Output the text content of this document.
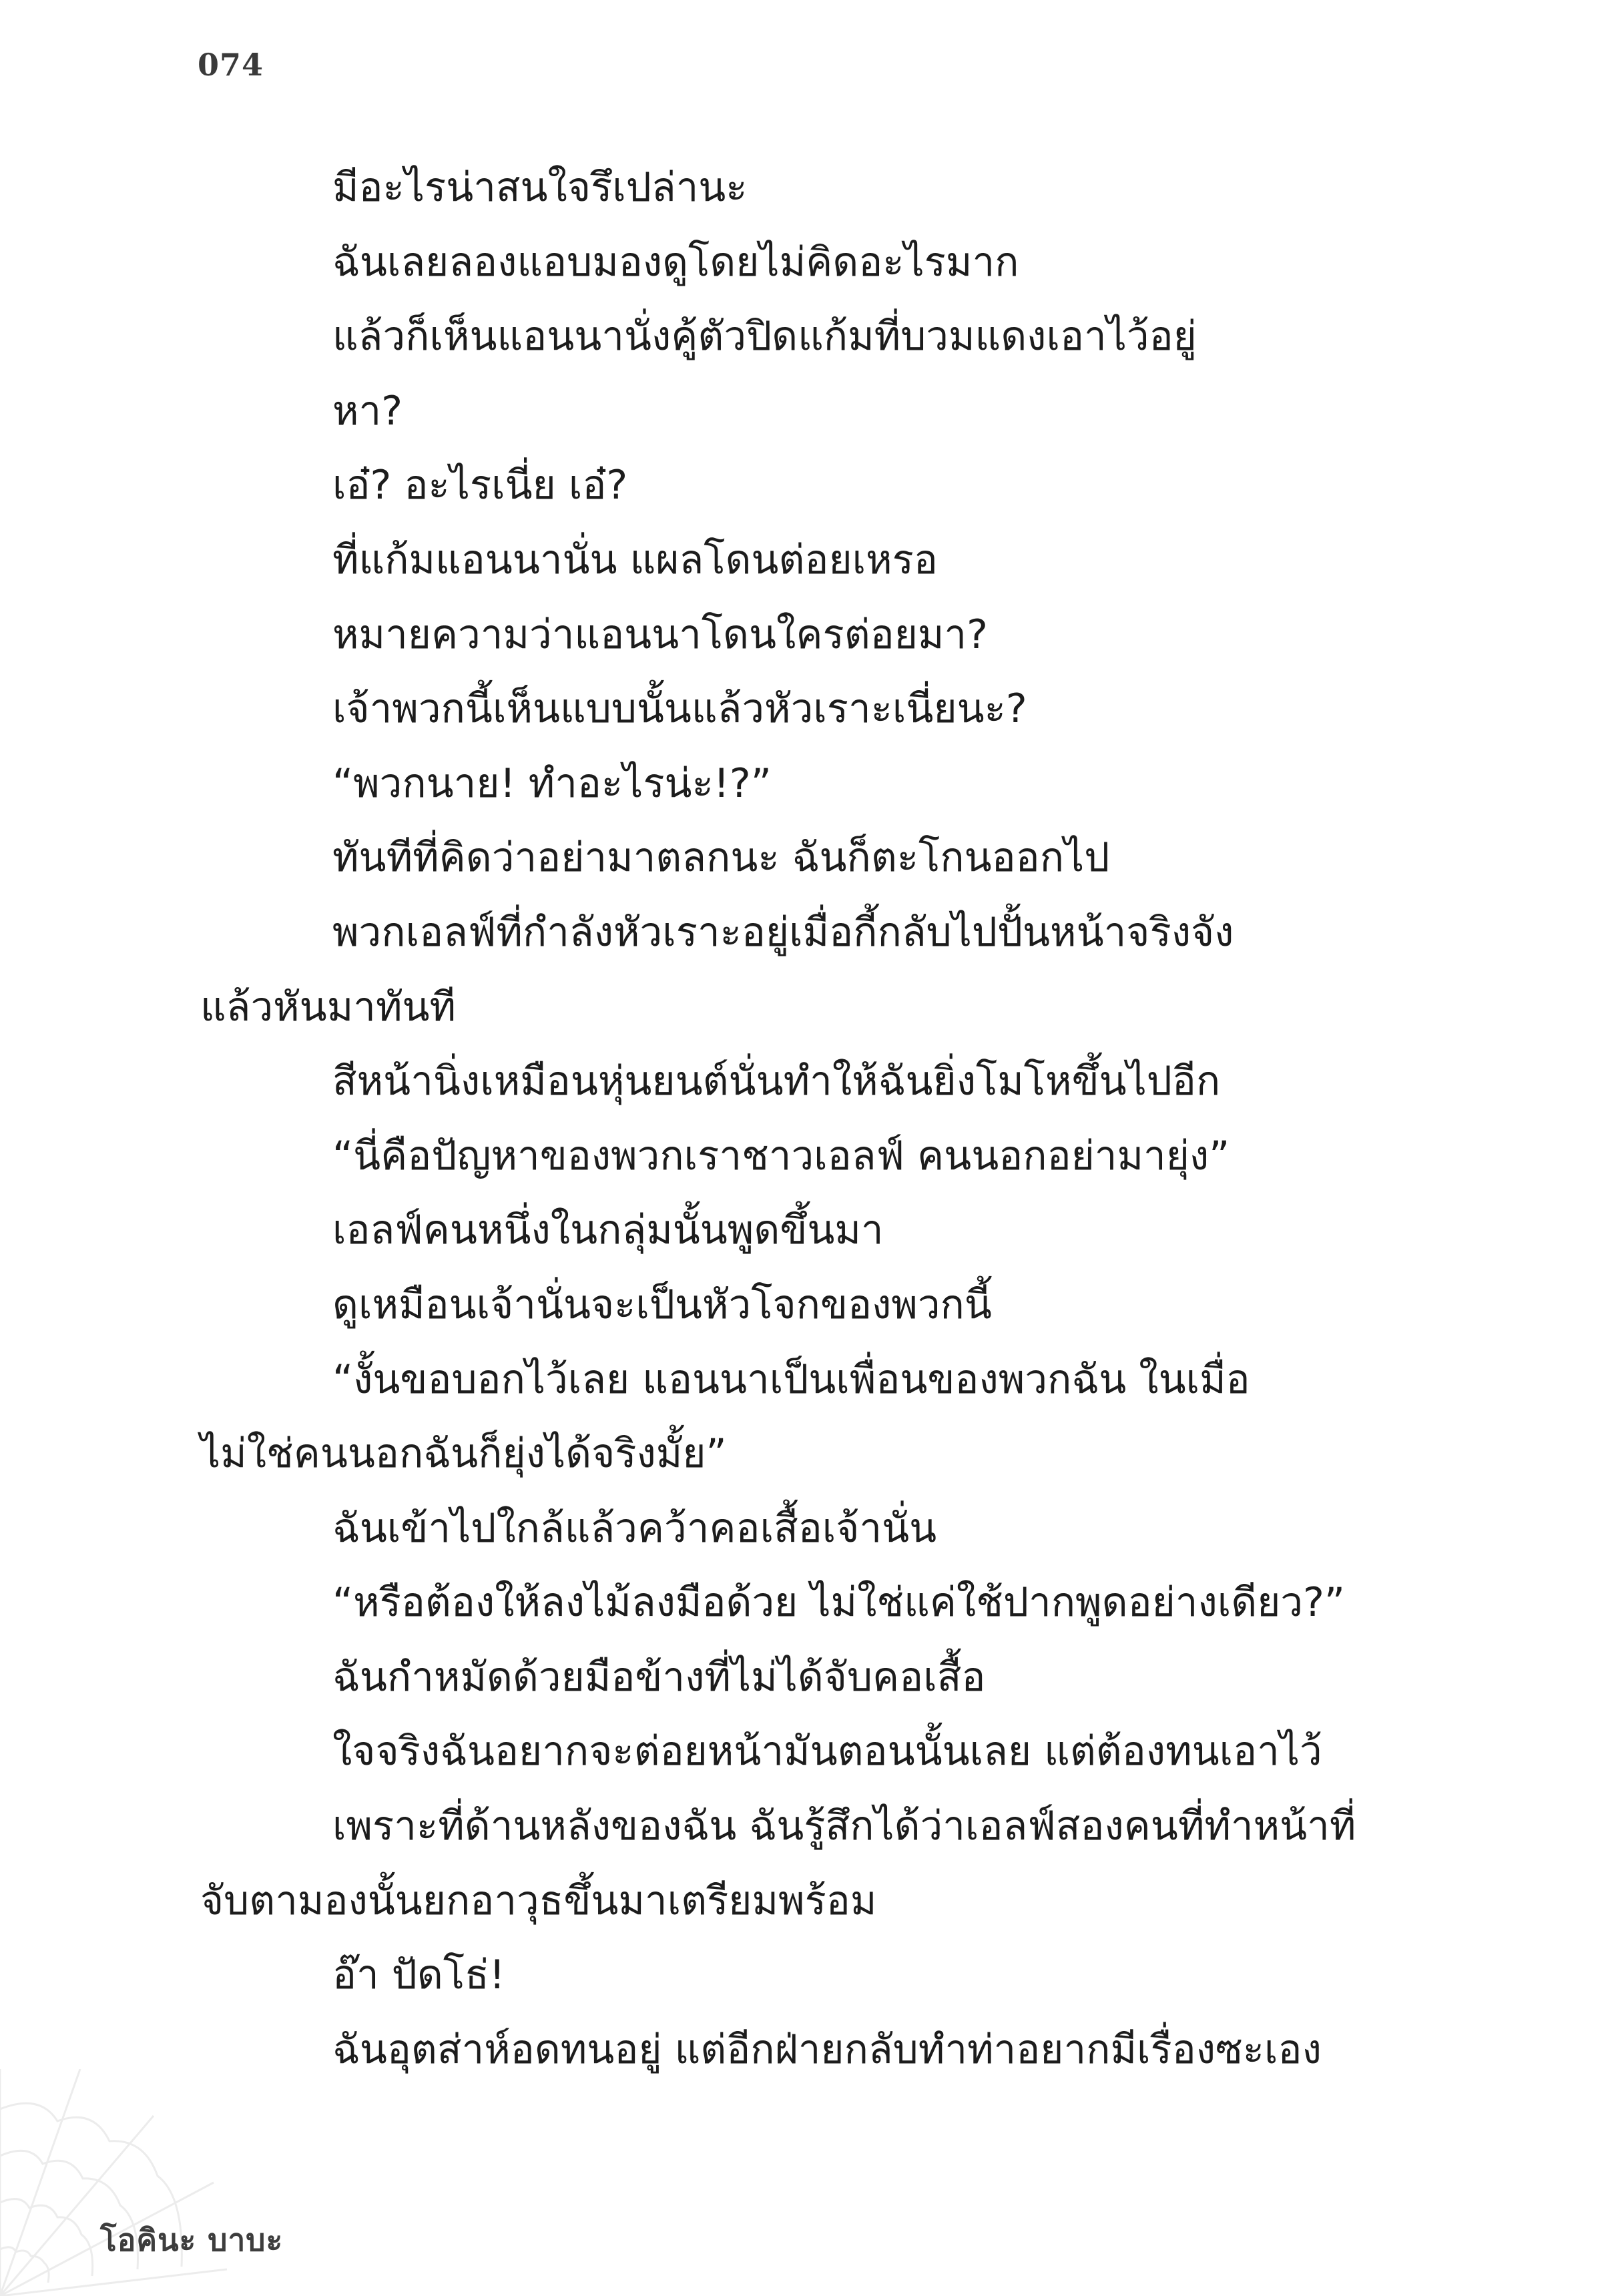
074

มีอะไรน่าสนใจรึเปล่านะ

ฉันเลยลองแอบมองดูโดยไม่คิดอะไรมาก

แล้วก็เห็นแอนนานั่งคู้ตัวปิดแก้มที่บวมแดงเอาไว้อยู่

หา?

เอ๋? อะไรเนี่ย เอ๋?

ที่แก้มแอนนานั่น แผลโดนต่อยเหรอ

หมายความว่าแอนนาโดนใครต่อยมา?

เจ้าพวกนี้เห็นแบบนั้นแล้วหัวเราะเนี่ยนะ?

“พวกนาย! ทำอะไรน่ะ!?”

ทันทีที่คิดว่าอย่ามาตลกนะ ฉันก็ตะโกนออกไป

พวกเอลฟ์ที่กำลังหัวเราะอยู่เมื่อกี้กลับไปปั้นหน้าจริงจัง

แล้วหันมาทันที

สีหน้านิ่งเหมือนหุ่นยนต์นั่นทำให้ฉันยิ่งโมโหขึ้นไปอีก

“นี่คือปัญหาของพวกเราชาวเอลฟ์ คนนอกอย่ามายุ่ง”

เอลฟ์คนหนึ่งในกลุ่มนั้นพูดขึ้นมา

ดูเหมือนเจ้านั่นจะเป็นหัวโจกของพวกนี้

“งั้นขอบอกไว้เลย แอนนาเป็นเพื่อนของพวกฉัน ในเมื่อ

ไม่ใช่คนนอกฉันก็ยุ่งได้จริงมั้ย”

ฉันเข้าไปใกล้แล้วคว้าคอเสื้อเจ้านั่น

“หรือต้องให้ลงไม้ลงมือด้วย ไม่ใช่แค่ใช้ปากพูดอย่างเดียว?”

ฉันกำหมัดด้วยมือข้างที่ไม่ได้จับคอเสื้อ

ใจจริงฉันอยากจะต่อยหน้ามันตอนนั้นเลย แต่ต้องทนเอาไว้

เพราะที่ด้านหลังของฉัน ฉันรู้สึกได้ว่าเอลฟ์สองคนที่ทำหน้าที่

จับตามองนั้นยกอาวุธขึ้นมาเตรียมพร้อม

อ๊า ปัดโธ่!

ฉันอุตส่าห์อดทนอยู่ แต่อีกฝ่ายกลับทำท่าอยากมีเรื่องซะเอง

โอคินะ บาบะ
